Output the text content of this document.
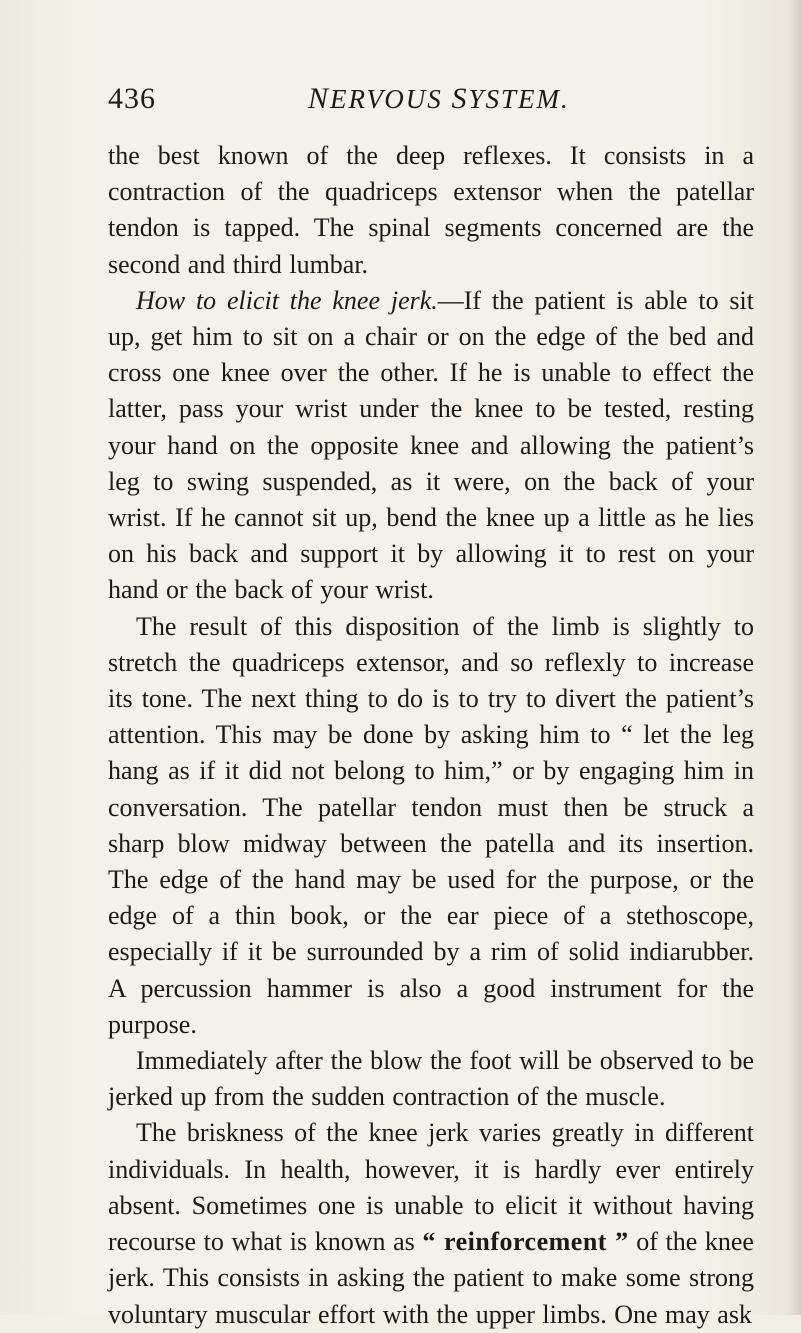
436	NERVOUS SYSTEM.

the best known of the deep reflexes. It consists in a contraction of the quadriceps extensor when the patellar tendon is tapped. The spinal segments concerned are the second and third lumbar.

How to elicit the knee jerk.—If the patient is able to sit up, get him to sit on a chair or on the edge of the bed and cross one knee over the other. If he is unable to effect the latter, pass your wrist under the knee to be tested, resting your hand on the opposite knee and allowing the patient’s leg to swing suspended, as it were, on the back of your wrist. If he cannot sit up, bend the knee up a little as he lies on his back and support it by allowing it to rest on your hand or the back of your wrist.

The result of this disposition of the limb is slightly to stretch the quadriceps extensor, and so reflexly to increase its tone. The next thing to do is to try to divert the patient’s attention. This may be done by asking him to “ let the leg hang as if it did not belong to him,” or by engaging him in conversation. The patellar tendon must then be struck a sharp blow midway between the patella and its insertion. The edge of the hand may be used for the purpose, or the edge of a thin book, or the ear piece of a stethoscope, especially if it be surrounded by a rim of solid indiarubber. A percussion hammer is also a good instrument for the purpose.

Immediately after the blow the foot will be observed to be jerked up from the sudden contraction of the muscle.

The briskness of the knee jerk varies greatly in different individuals. In health, however, it is hardly ever entirely absent. Sometimes one is unable to elicit it without having recourse to what is known as “ reinforcement ” of the knee jerk. This consists in asking the patient to make some strong voluntary muscular effort with the upper limbs. One may ask
